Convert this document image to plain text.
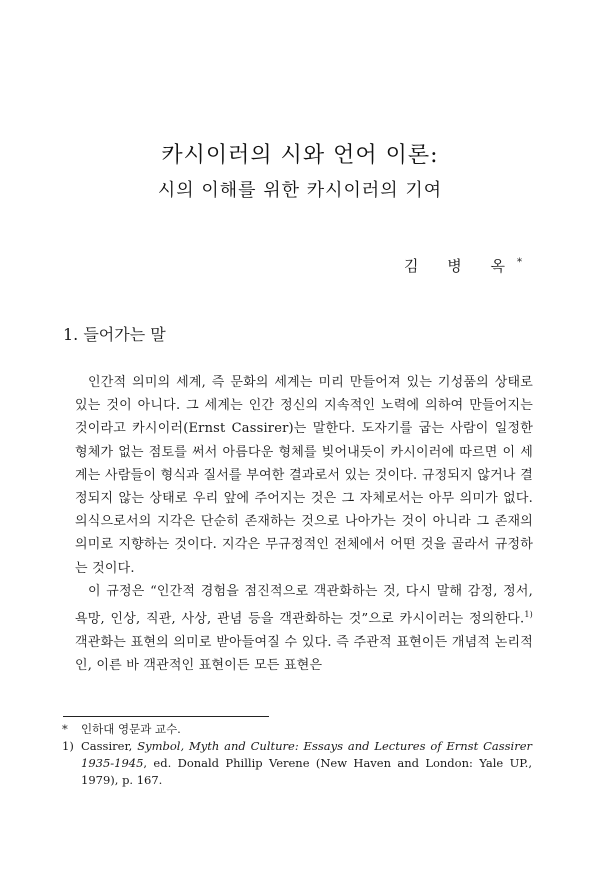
카시이러의 시와 언어 이론:
시의 이해를 위한 카시이러의 기여
김 병 옥*
1. 들어가는 말

인간적 의미의 세계, 즉 문화의 세계는 미리 만들어져 있는 기성품의 상태로 있는 것이 아니다. 그 세계는 인간 정신의 지속적인 노력에 의하여 만들어지는 것이라고 카시이러(Ernst Cassirer)는 말한다. 도자기를 굽는 사람이 일정한 형체가 없는 점토를 써서 아름다운 형체를 빚어내듯이 카시이러에 따르면 이 세계는 사람들이 형식과 질서를 부여한 결과로서 있는 것이다. 규정되지 않거나 결정되지 않는 상태로 우리 앞에 주어지는 것은 그 자체로서는 아무 의미가 없다. 의식으로서의 지각은 단순히 존재하는 것으로 나아가는 것이 아니라 그 존재의 의미로 지향하는 것이다. 지각은 무규정적인 전체에서 어떤 것을 골라서 규정하는 것이다.

이 규정은 “인간적 경험을 점진적으로 객관화하는 것, 다시 말해 감정, 정서, 욕망, 인상, 직관, 사상, 관념 등을 객관화하는 것”으로 카시이러는 정의한다.$^{1)}$ 객관화는 표현의 의미로 받아들여질 수 있다. 즉 주관적 표현이든 개념적 논리적인, 이른 바 객관적인 표현이든 모든 표현은

*	인하대 영문과 교수.
1) Cassirer, Symbol, Myth and Culture: Essays and Lectures of Ernst Cassirer 1935-1945, ed. Donald Phillip Verene (New Haven and London: Yale UP., 1979), p. 167.
